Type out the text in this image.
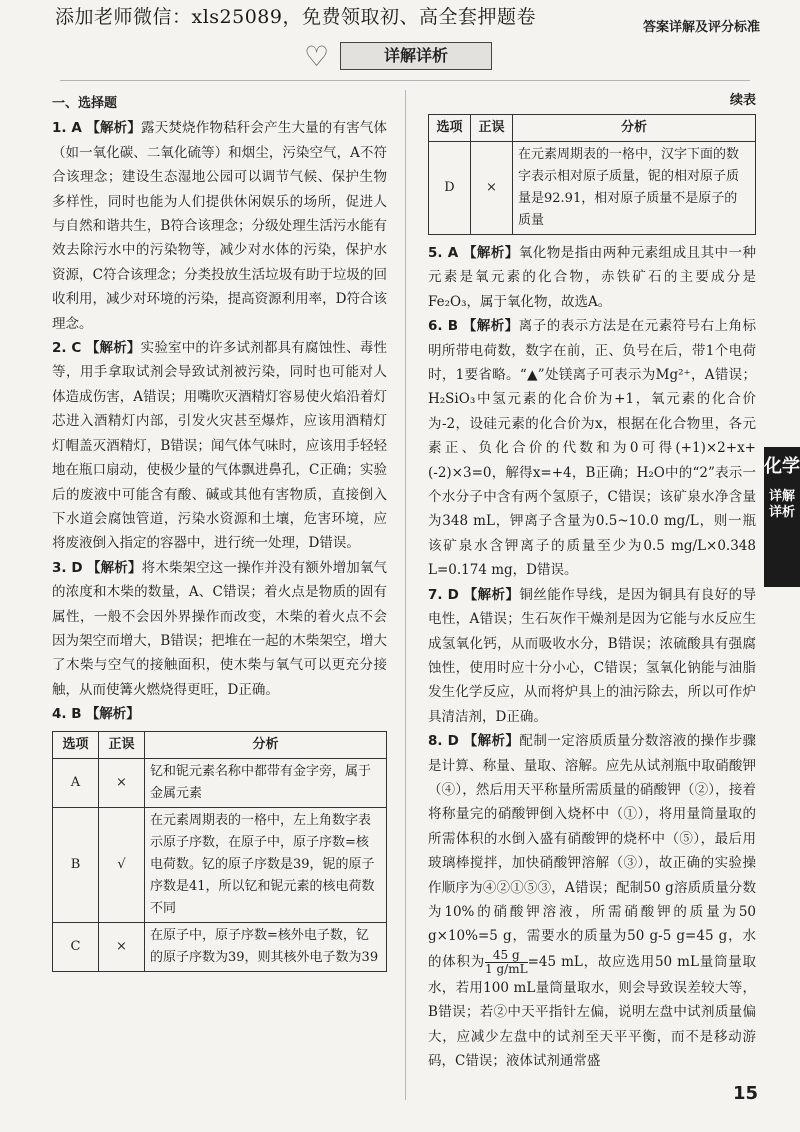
添加老师微信：xls25089，免费领取初、高全套押题卷	答案详解及评分标准
♡	详解详析

一、选择题

1. A 【解析】露天焚烧作物秸秆会产生大量的有害气体（如一氧化碳、二氧化硫等）和烟尘，污染空气，A不符合该理念；建设生态湿地公园可以调节气候、保护生物多样性，同时也能为人们提供休闲娱乐的场所，促进人与自然和谐共生，B符合该理念；分级处理生活污水能有效去除污水中的污染物等，减少对水体的污染，保护水资源，C符合该理念；分类投放生活垃圾有助于垃圾的回收利用，减少对环境的污染，提高资源利用率，D符合该理念。

2. C 【解析】实验室中的许多试剂都具有腐蚀性、毒性等，用手拿取试剂会导致试剂被污染，同时也可能对人体造成伤害，A错误；用嘴吹灭酒精灯容易使火焰沿着灯芯进入酒精灯内部，引发火灾甚至爆炸，应该用酒精灯灯帽盖灭酒精灯，B错误；闻气体气味时，应该用手轻轻地在瓶口扇动，使极少量的气体飘进鼻孔，C正确；实验后的废液中可能含有酸、碱或其他有害物质，直接倒入下水道会腐蚀管道，污染水资源和土壤，危害环境，应将废液倒入指定的容器中，进行统一处理，D错误。

3. D 【解析】将木柴架空这一操作并没有额外增加氧气的浓度和木柴的数量，A、C错误；着火点是物质的固有属性，一般不会因外界操作而改变，木柴的着火点不会因为架空而增大，B错误；把堆在一起的木柴架空，增大了木柴与空气的接触面积，使木柴与氧气可以更充分接触，从而使篝火燃烧得更旺，D正确。

4. B 【解析】

选项	正误	分析
A	×	钇和铌元素名称中都带有金字旁，属于金属元素
B	√	在元素周期表的一格中，左上角数字表示原子序数，在原子中，原子序数=核电荷数。钇的原子序数是39，铌的原子序数是41，所以钇和铌元素的核电荷数不同
C	×	在原子中，原子序数=核外电子数，钇的原子序数为39，则其核外电子数为39
续表
选项	正误	分析
D	×	在元素周期表的一格中，汉字下面的数字表示相对原子质量，铌的相对原子质量是92.91，相对原子质量不是原子的质量

5. A 【解析】氧化物是指由两种元素组成且其中一种元素是氧元素的化合物，赤铁矿石的主要成分是Fe₂O₃，属于氧化物，故选A。

6. B 【解析】离子的表示方法是在元素符号右上角标明所带电荷数，数字在前，正、负号在后，带1个电荷时，1要省略。“▲”处镁离子可表示为Mg²⁺，A错误；H₂SiO₃中氢元素的化合价为+1，氧元素的化合价为-2，设硅元素的化合价为x，根据在化合物里，各元素正、负化合价的代数和为0可得(+1)×2+x+(-2)×3=0，解得x=+4，B正确；H₂O中的“2”表示一个水分子中含有两个氢原子，C错误；该矿泉水净含量为348 mL，钾离子含量为0.5~10.0 mg/L，则一瓶该矿泉水含钾离子的质量至少为0.5 mg/L×0.348 L=0.174 mg，D错误。

7. D 【解析】铜丝能作导线，是因为铜具有良好的导电性，A错误；生石灰作干燥剂是因为它能与水反应生成氢氧化钙，从而吸收水分，B错误；浓硫酸具有强腐蚀性，使用时应十分小心，C错误；氢氧化钠能与油脂发生化学反应，从而将炉具上的油污除去，所以可作炉具清洁剂，D正确。

8. D 【解析】配制一定溶质质量分数溶液的操作步骤是计算、称量、量取、溶解。应先从试剂瓶中取硝酸钾（④），然后用天平称量所需质量的硝酸钾（②），接着将称量完的硝酸钾倒入烧杯中（①），将用量筒量取的所需体积的水倒入盛有硝酸钾的烧杯中（⑤），最后用玻璃棒搅拌，加快硝酸钾溶解（③），故正确的实验操作顺序为④②①⑤③，A错误；配制50 g溶质质量分数为10%的硝酸钾溶液，所需硝酸钾的质量为50 g×10%=5 g，需要水的质量为50 g-5 g=45 g，水的体积为 $\frac{45 g}{1 g/mL} =45$ mL，故应选用50 mL量筒量取水，若用100 mL量筒量取水，则会导致误差较大等，B错误；若②中天平指针左偏，说明左盘中试剂质量偏大，应减少左盘中的试剂至天平平衡，而不是移动游码，C错误；液体试剂通常盛

化学
详解详析
15
